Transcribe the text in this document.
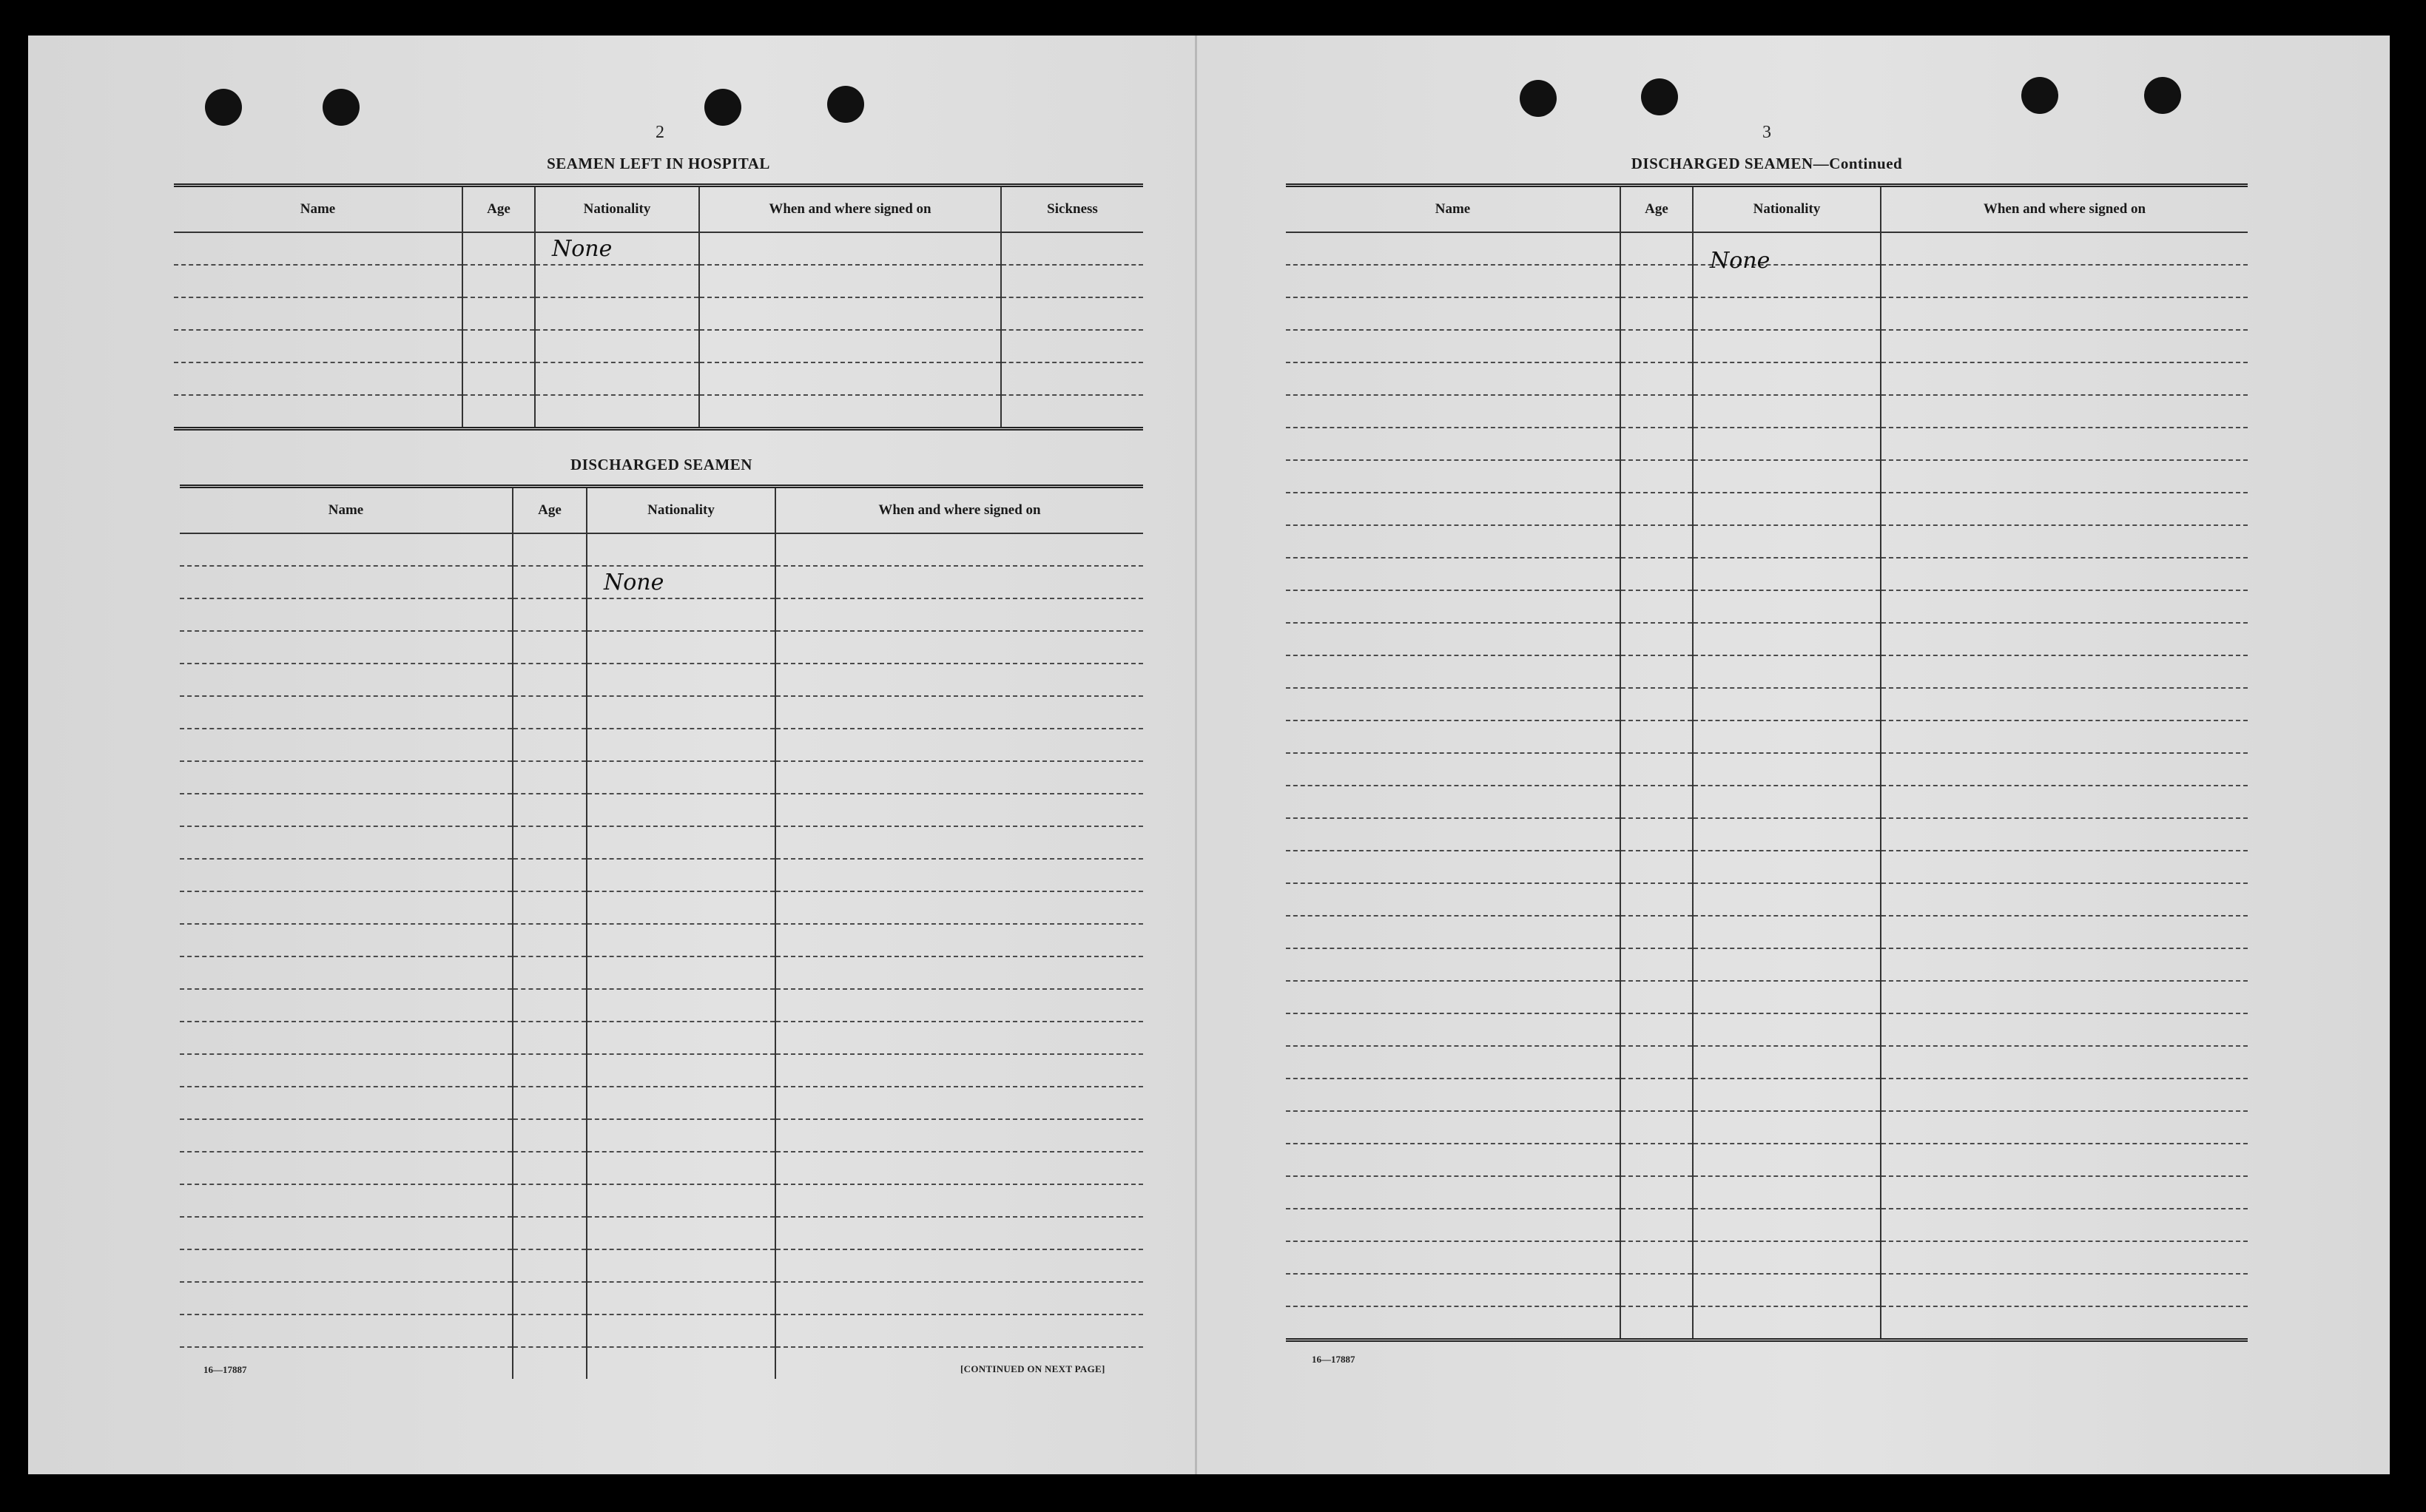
2
SEAMEN LEFT IN HOSPITAL
Name	Age	Nationality	When and where signed on	Sickness

		None		

DISCHARGED SEAMEN
Name	Age	Nationality	When and where signed on

		None	

16—17887	[CONTINUED ON NEXT PAGE]
3
DISCHARGED SEAMEN—Continued
Name	Age	Nationality	When and where signed on

		None	

16—17887
